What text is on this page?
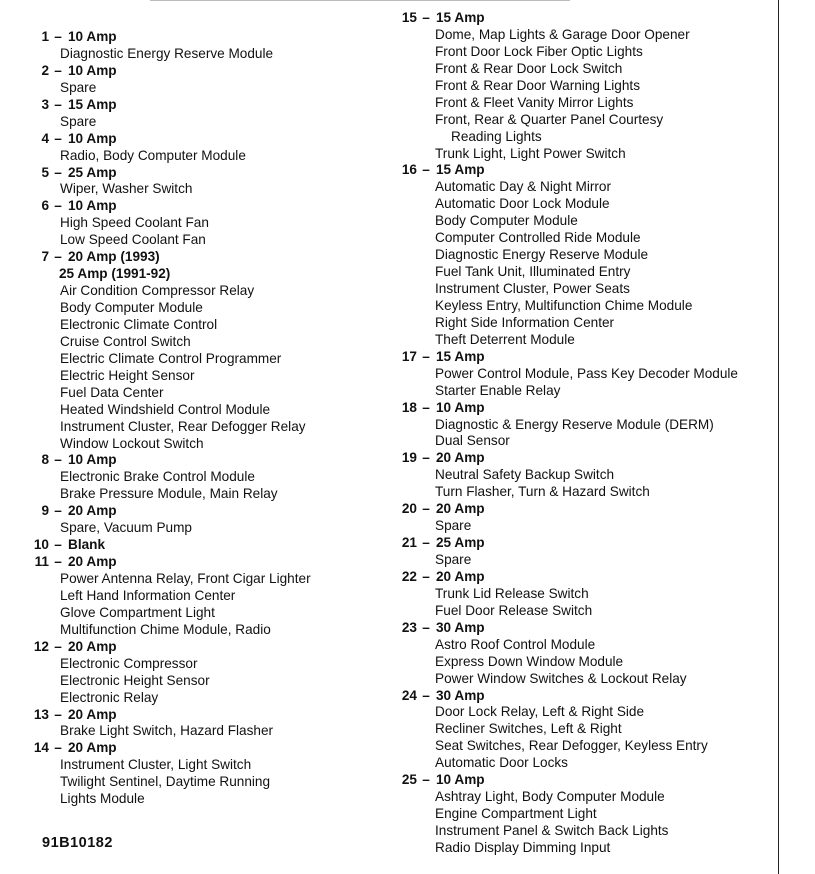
1 – 10 Amp
Diagnostic Energy Reserve Module
2 – 10 Amp
Spare
3 – 15 Amp
Spare
4 – 10 Amp
Radio, Body Computer Module
5 – 25 Amp
Wiper, Washer Switch
6 – 10 Amp
High Speed Coolant Fan
Low Speed Coolant Fan
7 – 20 Amp (1993)
25 Amp (1991-92)
Air Condition Compressor Relay
Body Computer Module
Electronic Climate Control
Cruise Control Switch
Electric Climate Control Programmer
Electric Height Sensor
Fuel Data Center
Heated Windshield Control Module
Instrument Cluster, Rear Defogger Relay
Window Lockout Switch
8 – 10 Amp
Electronic Brake Control Module
Brake Pressure Module, Main Relay
9 – 20 Amp
Spare, Vacuum Pump
10 – Blank
11 – 20 Amp
Power Antenna Relay, Front Cigar Lighter
Left Hand Information Center
Glove Compartment Light
Multifunction Chime Module, Radio
12 – 20 Amp
Electronic Compressor
Electronic Height Sensor
Electronic Relay
13 – 20 Amp
Brake Light Switch, Hazard Flasher
14 – 20 Amp
Instrument Cluster, Light Switch
Twilight Sentinel, Daytime Running
Lights Module
15 – 15 Amp
Dome, Map Lights & Garage Door Opener
Front Door Lock Fiber Optic Lights
Front & Rear Door Lock Switch
Front & Rear Door Warning Lights
Front & Fleet Vanity Mirror Lights
Front, Rear & Quarter Panel Courtesy
Reading Lights
Trunk Light, Light Power Switch
16 – 15 Amp
Automatic Day & Night Mirror
Automatic Door Lock Module
Body Computer Module
Computer Controlled Ride Module
Diagnostic Energy Reserve Module
Fuel Tank Unit, Illuminated Entry
Instrument Cluster, Power Seats
Keyless Entry, Multifunction Chime Module
Right Side Information Center
Theft Deterrent Module
17 – 15 Amp
Power Control Module, Pass Key Decoder Module
Starter Enable Relay
18 – 10 Amp
Diagnostic & Energy Reserve Module (DERM)
Dual Sensor
19 – 20 Amp
Neutral Safety Backup Switch
Turn Flasher, Turn & Hazard Switch
20 – 20 Amp
Spare
21 – 25 Amp
Spare
22 – 20 Amp
Trunk Lid Release Switch
Fuel Door Release Switch
23 – 30 Amp
Astro Roof Control Module
Express Down Window Module
Power Window Switches & Lockout Relay
24 – 30 Amp
Door Lock Relay, Left & Right Side
Recliner Switches, Left & Right
Seat Switches, Rear Defogger, Keyless Entry
Automatic Door Locks
25 – 10 Amp
Ashtray Light, Body Computer Module
Engine Compartment Light
Instrument Panel & Switch Back Lights
Radio Display Dimming Input
91B10182
